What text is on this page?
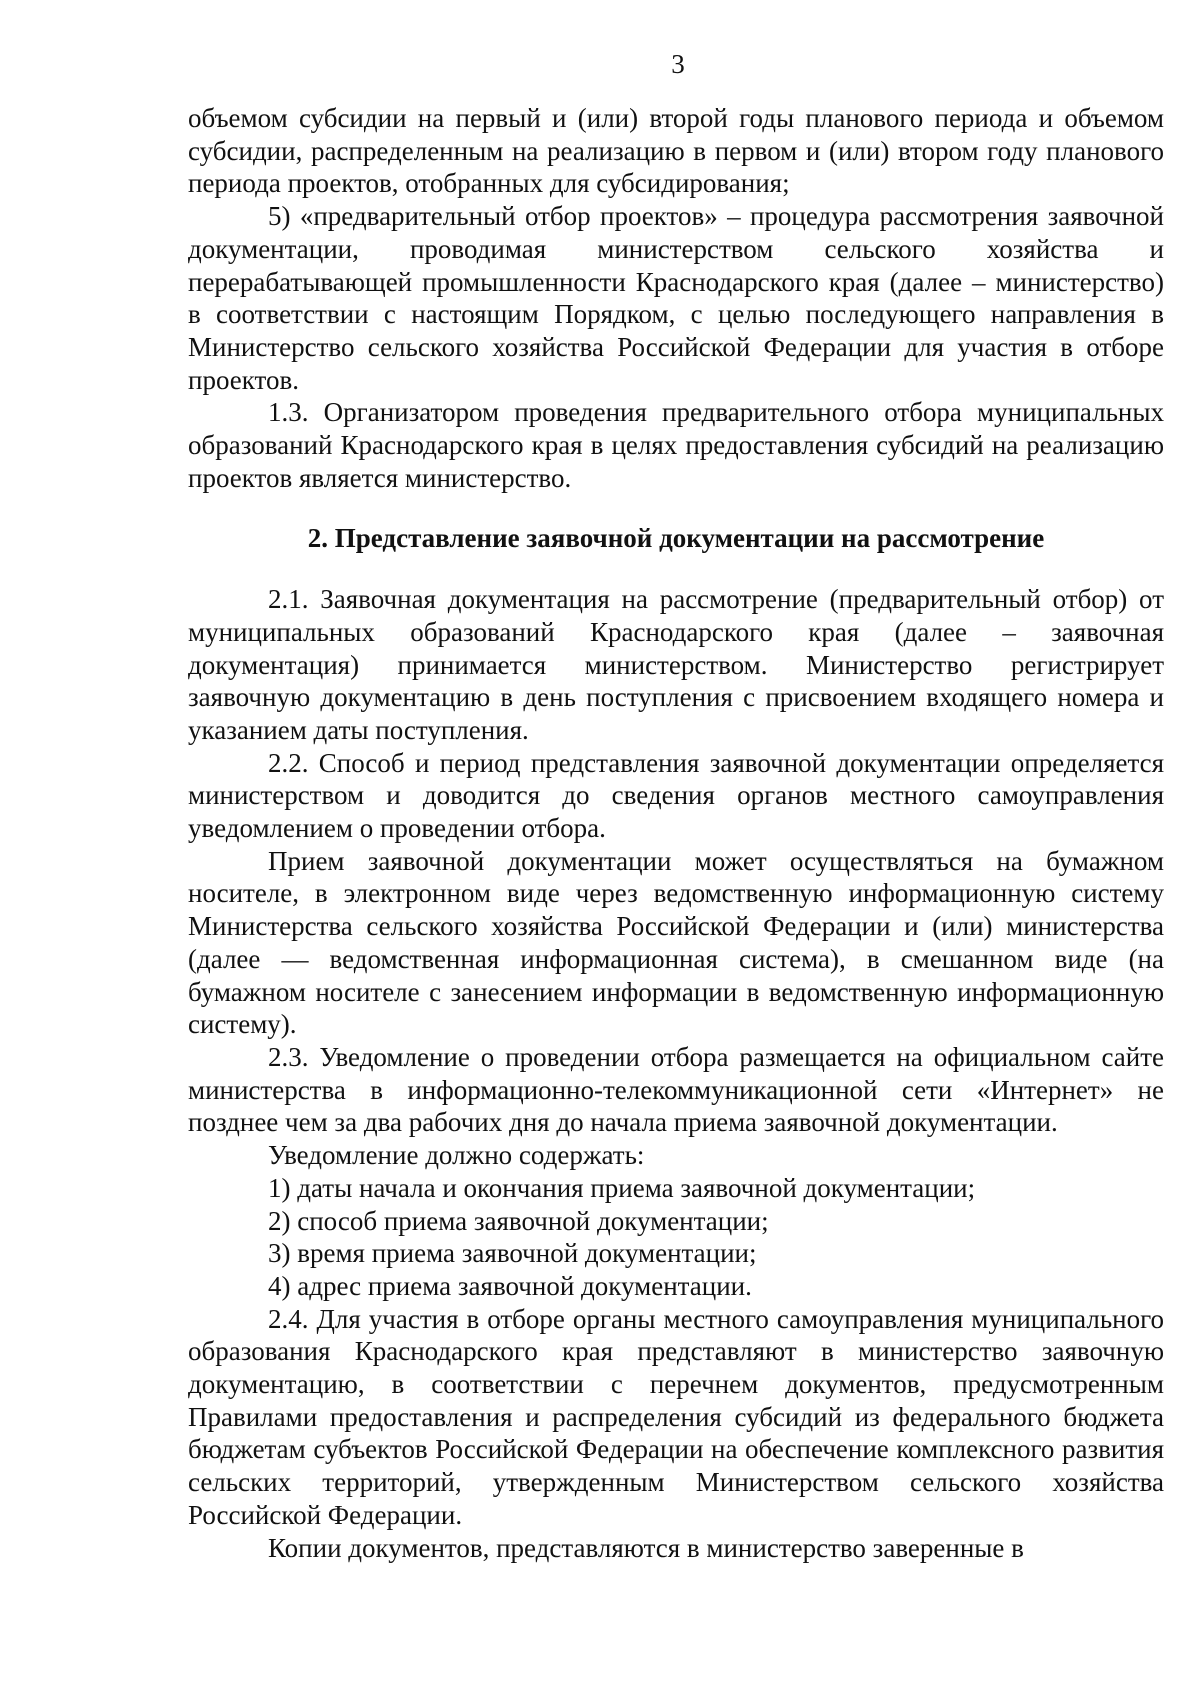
3

объемом субсидии на первый и (или) второй годы планового периода и объемом субсидии, распределенным на реализацию в первом и (или) втором году планового периода проектов, отобранных для субсидирования;

5) «предварительный отбор проектов» – процедура рассмотрения заявочной документации, проводимая министерством сельского хозяйства и перерабатывающей промышленности Краснодарского края (далее – министерство) в соответствии с настоящим Порядком, с целью последующего направления в Министерство сельского хозяйства Российской Федерации для участия в отборе проектов.

1.3. Организатором проведения предварительного отбора муниципальных образований Краснодарского края в целях предоставления субсидий на реализацию проектов является министерство.

2. Представление заявочной документации на рассмотрение

2.1. Заявочная документация на рассмотрение (предварительный отбор) от муниципальных образований Краснодарского края (далее – заявочная документация) принимается министерством. Министерство регистрирует заявочную документацию в день поступления с присвоением входящего номера и указанием даты поступления.

2.2. Способ и период представления заявочной документации определяется министерством и доводится до сведения органов местного самоуправления уведомлением о проведении отбора.

Прием заявочной документации может осуществляться на бумажном носителе, в электронном виде через ведомственную информационную систему Министерства сельского хозяйства Российской Федерации и (или) министерства (далее — ведомственная информационная система), в смешанном виде (на бумажном носителе с занесением информации в ведомственную информационную систему).

2.3. Уведомление о проведении отбора размещается на официальном сайте министерства в информационно-телекоммуникационной сети «Интернет» не позднее чем за два рабочих дня до начала приема заявочной документации.

Уведомление должно содержать:

1) даты начала и окончания приема заявочной документации;

2) способ приема заявочной документации;

3) время приема заявочной документации;

4) адрес приема заявочной документации.

2.4. Для участия в отборе органы местного самоуправления муниципального образования Краснодарского края представляют в министерство заявочную документацию, в соответствии с перечнем документов, предусмотренным Правилами предоставления и распределения субсидий из федерального бюджета бюджетам субъектов Российской Федерации на обеспечение комплексного развития сельских территорий, утвержденным Министерством сельского хозяйства Российской Федерации.

Копии документов, представляются в министерство заверенные в
